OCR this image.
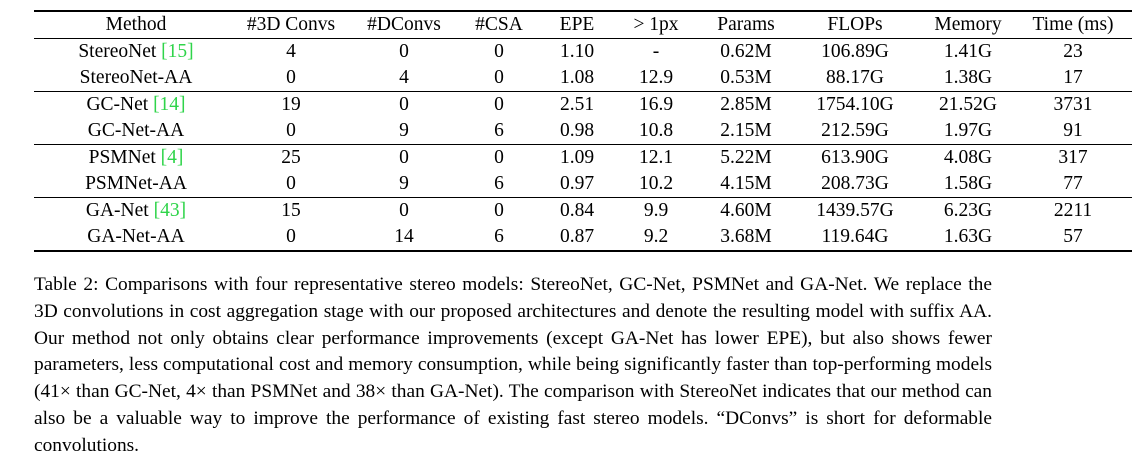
Method	#3D Convs	#DConvs	#CSA	EPE	> 1px	Params	FLOPs	Memory	Time (ms)
StereoNet [15]	4	0	0	1.10	-	0.62M	106.89G	1.41G	23
StereoNet-AA	0	4	0	1.08	12.9	0.53M	88.17G	1.38G	17
GC-Net [14]	19	0	0	2.51	16.9	2.85M	1754.10G	21.52G	3731
GC-Net-AA	0	9	6	0.98	10.8	2.15M	212.59G	1.97G	91
PSMNet [4]	25	0	0	1.09	12.1	5.22M	613.90G	4.08G	317
PSMNet-AA	0	9	6	0.97	10.2	4.15M	208.73G	1.58G	77
GA-Net [43]	15	0	0	0.84	9.9	4.60M	1439.57G	6.23G	2211
GA-Net-AA	0	14	6	0.87	9.2	3.68M	119.64G	1.63G	57
Table 2: Comparisons with four representative stereo models: StereoNet, GC-Net, PSMNet and GA-Net. We replace the 3D convolutions in cost aggregation stage with our proposed architectures and denote the resulting model with suffix AA. Our method not only obtains clear performance improvements (except GA-Net has lower EPE), but also shows fewer parameters, less computational cost and memory consumption, while being significantly faster than top-performing models (41× than GC-Net, 4× than PSMNet and 38× than GA-Net). The comparison with StereoNet indicates that our method can also be a valuable way to improve the performance of existing fast stereo models. “DConvs” is short for deformable convolutions.
